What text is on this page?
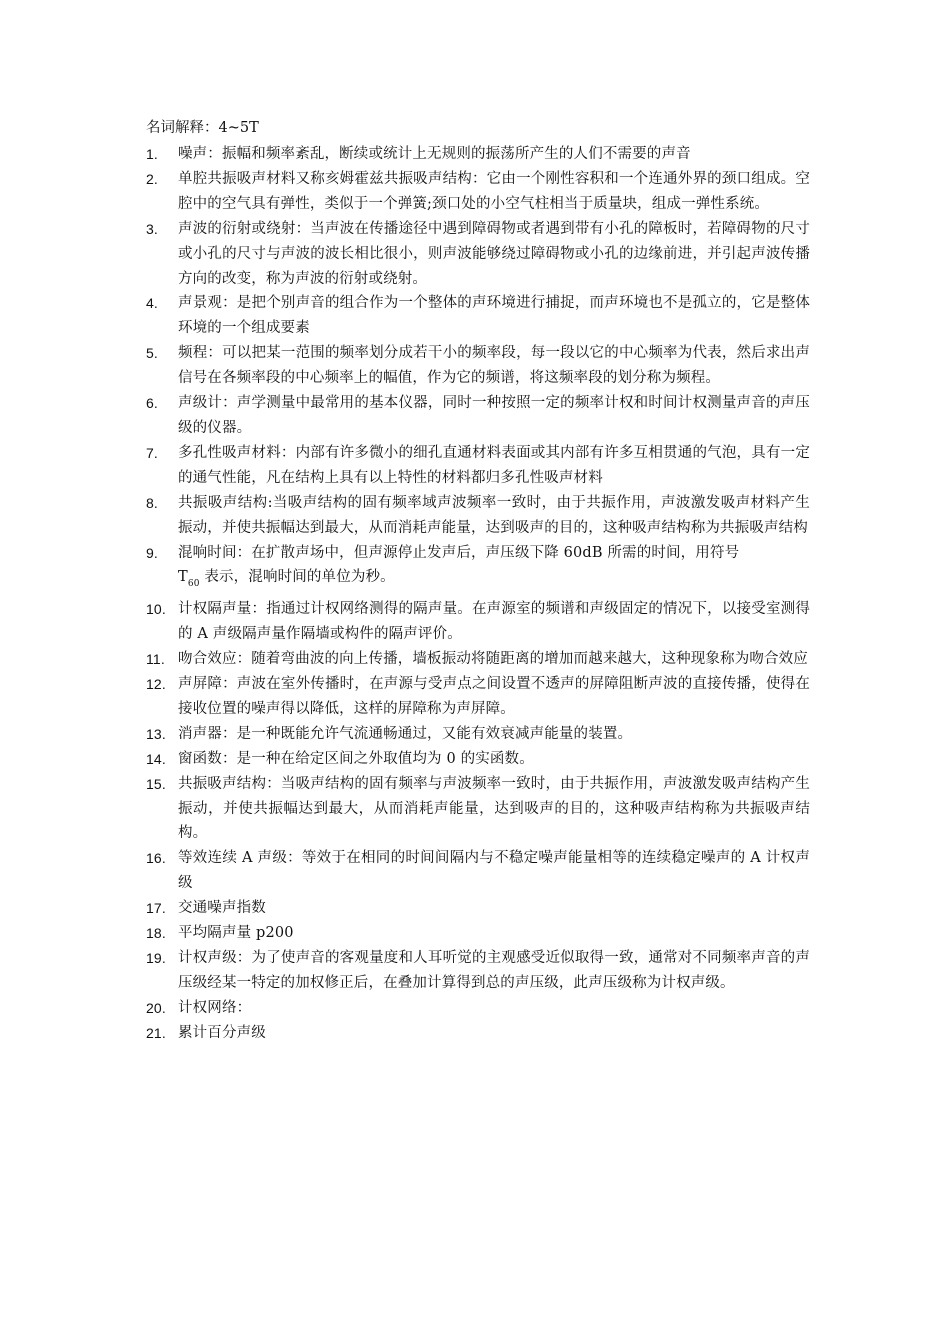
名词解释：4~5T
1.	噪声：振幅和频率紊乱，断续或统计上无规则的振荡所产生的人们不需要的声音
2.	单腔共振吸声材料又称亥姆霍兹共振吸声结构：它由一个刚性容积和一个连通外界的颈口组成。空腔中的空气具有弹性，类似于一个弹簧;颈口处的小空气柱相当于质量块，组成一弹性系统。
3.	声波的衍射或绕射：当声波在传播途径中遇到障碍物或者遇到带有小孔的障板时，若障碍物的尺寸或小孔的尺寸与声波的波长相比很小，则声波能够绕过障碍物或小孔的边缘前进，并引起声波传播方向的改变，称为声波的衍射或绕射。
4.	声景观：是把个别声音的组合作为一个整体的声环境进行捕捉，而声环境也不是孤立的，它是整体环境的一个组成要素
5.	频程：可以把某一范围的频率划分成若干小的频率段，每一段以它的中心频率为代表，然后求出声信号在各频率段的中心频率上的幅值，作为它的频谱，将这频率段的划分称为频程。
6.	声级计：声学测量中最常用的基本仪器，同时一种按照一定的频率计权和时间计权测量声音的声压级的仪器。
7.	多孔性吸声材料：内部有许多微小的细孔直通材料表面或其内部有许多互相贯通的气泡，具有一定的通气性能，凡在结构上具有以上特性的材料都归多孔性吸声材料
8.	共振吸声结构:当吸声结构的固有频率域声波频率一致时，由于共振作用，声波激发吸声材料产生振动，并使共振幅达到最大，从而消耗声能量，达到吸声的目的，这种吸声结构称为共振吸声结构
9.	混响时间：在扩散声场中，但声源停止发声后，声压级下降 60dB 所需的时间，用符号
$T_{60}$ 表示，混响时间的单位为秒。
10. 计权隔声量：指通过计权网络测得的隔声量。在声源室的频谱和声级固定的情况下，以接受室测得的 A 声级隔声量作隔墙或构件的隔声评价。
11. 吻合效应：随着弯曲波的向上传播，墙板振动将随距离的增加而越来越大，这种现象称为吻合效应
12. 声屏障：声波在室外传播时，在声源与受声点之间设置不透声的屏障阻断声波的直接传播，使得在接收位置的噪声得以降低，这样的屏障称为声屏障。
13. 消声器：是一种既能允许气流通畅通过，又能有效衰减声能量的装置。
14. 窗函数：是一种在给定区间之外取值均为 0 的实函数。
15. 共振吸声结构：当吸声结构的固有频率与声波频率一致时，由于共振作用，声波激发吸声结构产生振动，并使共振幅达到最大，从而消耗声能量，达到吸声的目的，这种吸声结构称为共振吸声结构。
16. 等效连续 A 声级：等效于在相同的时间间隔内与不稳定噪声能量相等的连续稳定噪声的 A 计权声级
17. 交通噪声指数
18. 平均隔声量 p200
19. 计权声级：为了使声音的客观量度和人耳听觉的主观感受近似取得一致，通常对不同频率声音的声压级经某一特定的加权修正后，在叠加计算得到总的声压级，此声压级称为计权声级。
20. 计权网络：
21. 累计百分声级
